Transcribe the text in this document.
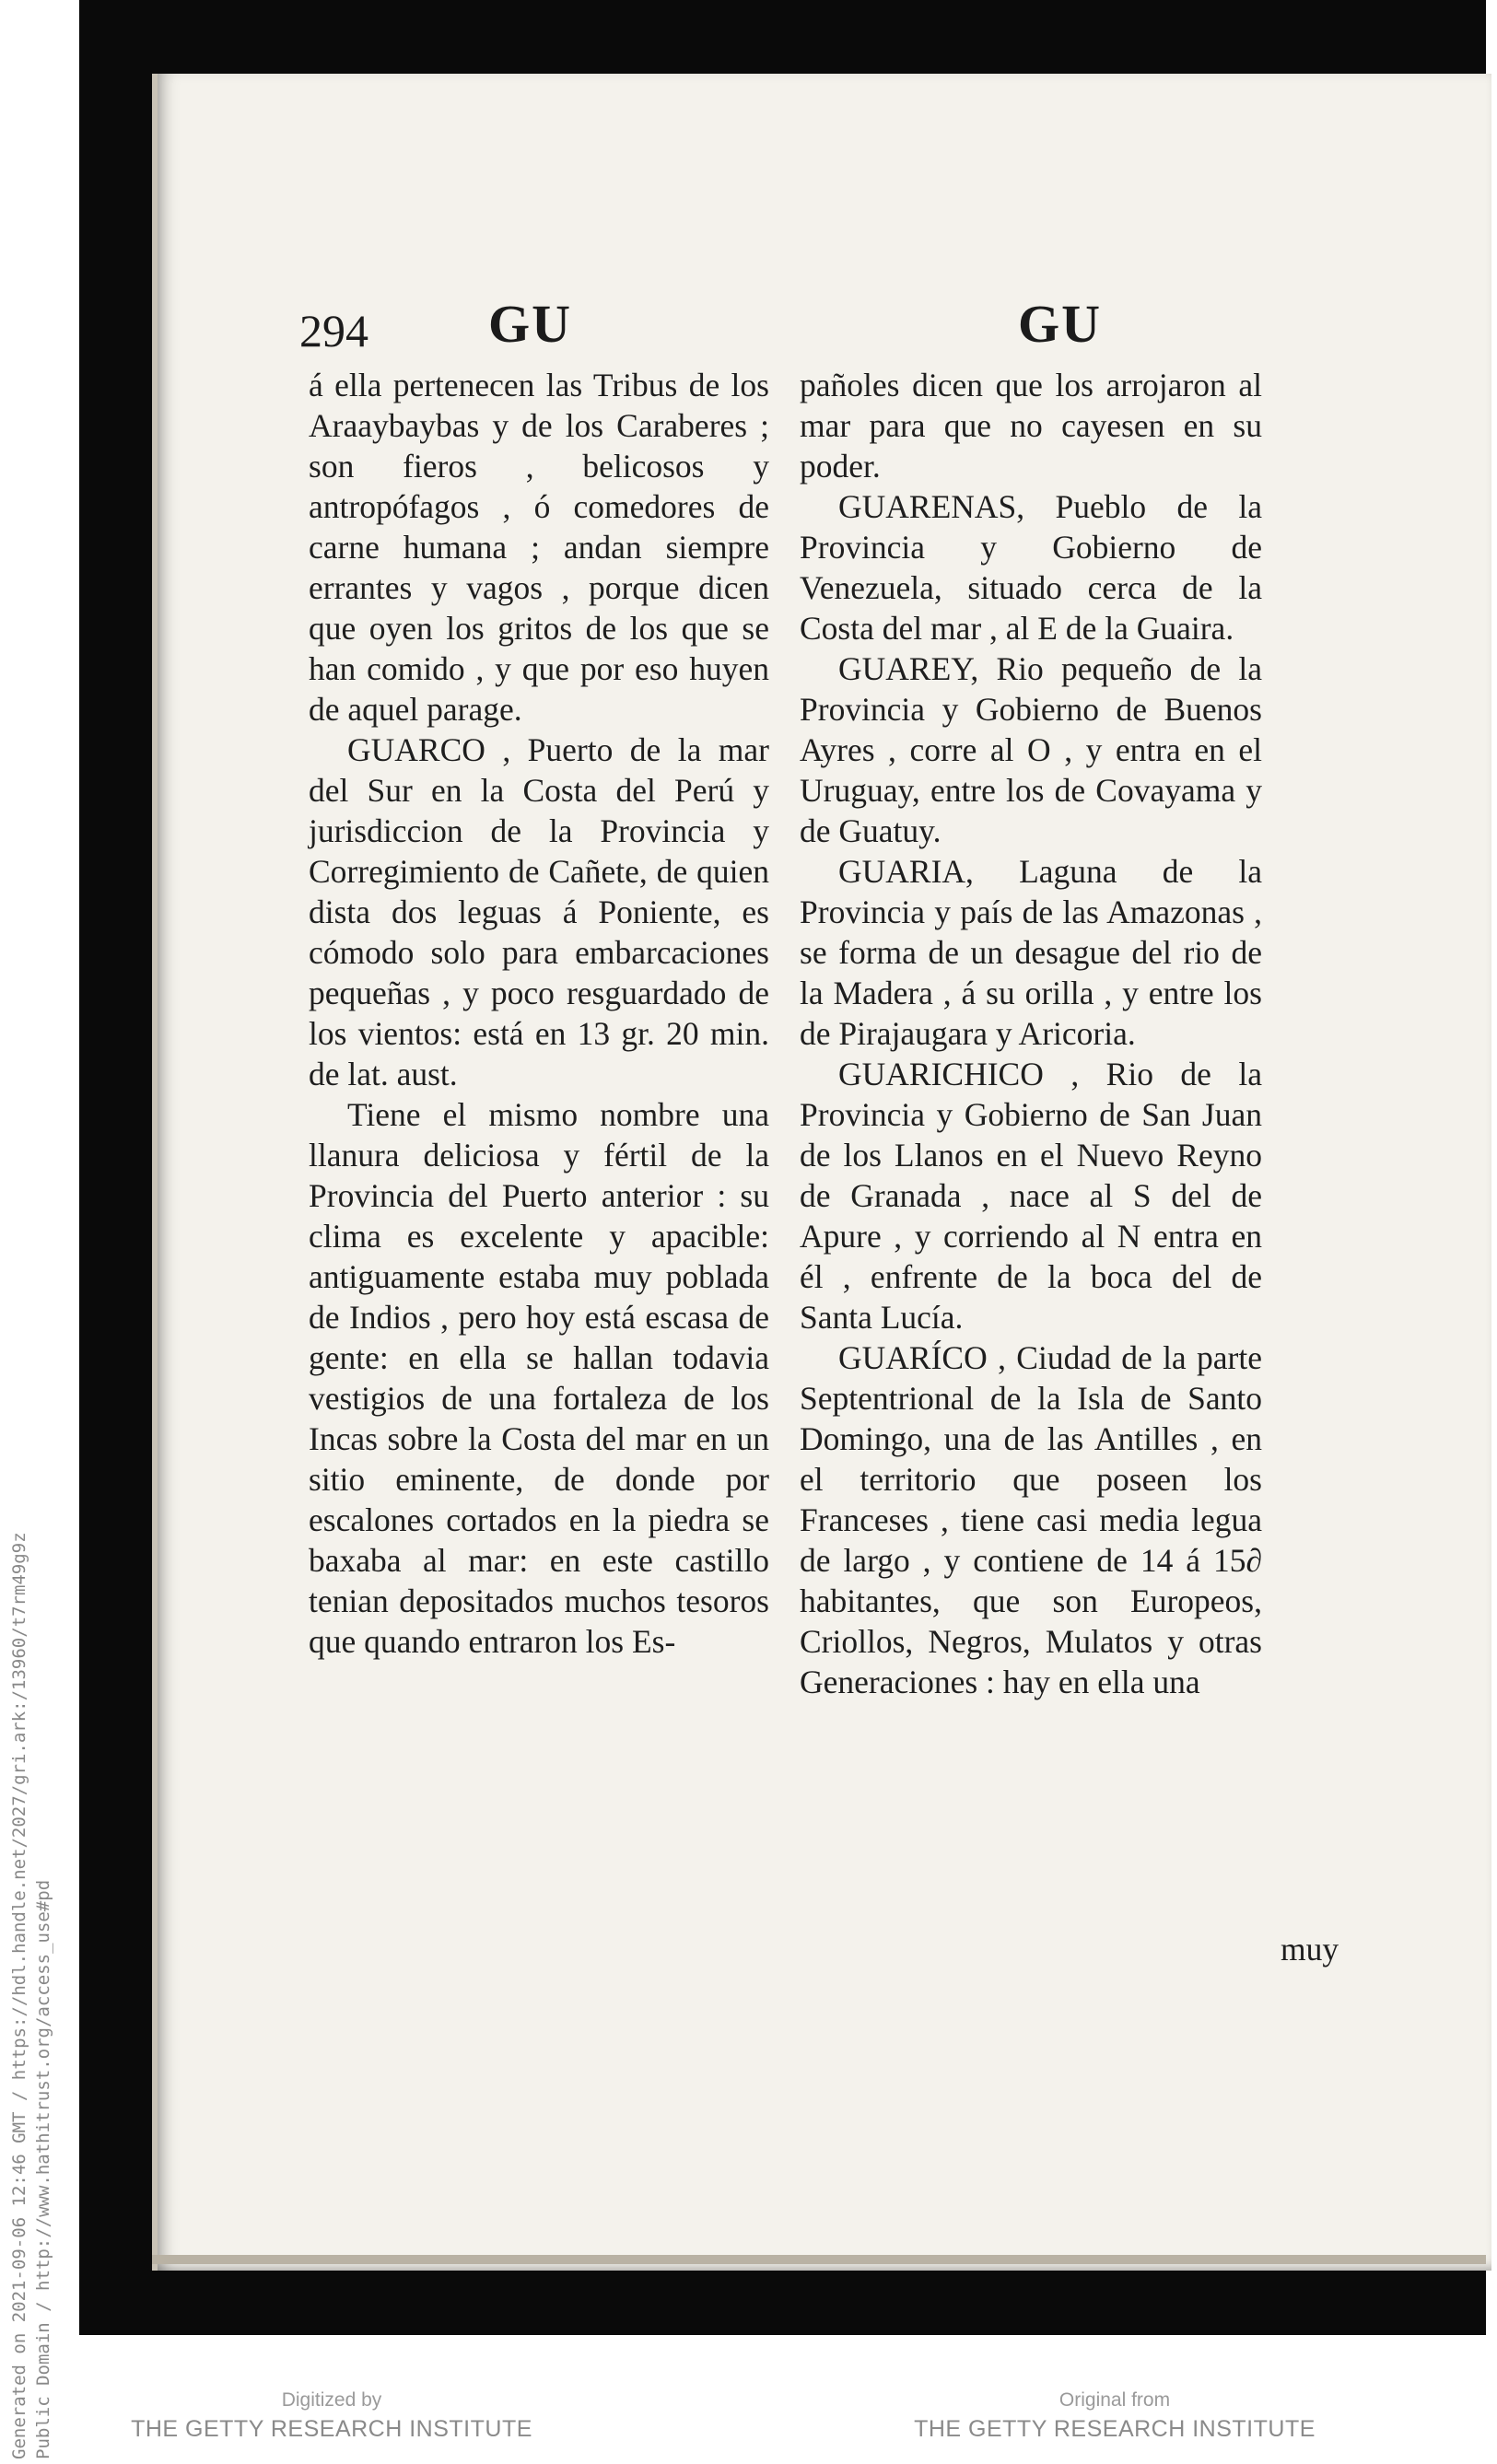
Generated on 2021-09-06 12:46 GMT / https://hdl.handle.net/2027/gri.ark:/13960/t7rm49g9z Public Domain / http://www.hathitrust.org/access_use#pd
294 GU	GU

á ella pertenecen las Tribus de los Araaybaybas y de los Caraberes ; son fieros , belicosos y antropófagos , ó comedores de carne humana ; andan siempre errantes y vagos , porque dicen que oyen los gritos de los que se han comido , y que por eso huyen de aquel parage.

GUARCO , Puerto de la mar del Sur en la Costa del Perú y jurisdiccion de la Provincia y Corregimiento de Cañete, de quien dista dos leguas á Poniente, es cómodo solo para embarcaciones pequeñas , y poco resguardado de los vientos: está en 13 gr. 20 min. de lat. aust.

Tiene el mismo nombre una llanura deliciosa y fértil de la Provincia del Puerto anterior : su clima es excelente y apacible: antiguamente estaba muy poblada de Indios , pero hoy está escasa de gente: en ella se hallan todavia vestigios de una fortaleza de los Incas sobre la Costa del mar en un sitio eminente, de donde por escalones cortados en la piedra se baxaba al mar: en este castillo tenian depositados muchos tesoros que quando entraron los Es-

pañoles dicen que los arrojaron al mar para que no cayesen en su poder.

GUARENAS, Pueblo de la Provincia y Gobierno de Venezuela, situado cerca de la Costa del mar , al E de la Guaira.

GUAREY, Rio pequeño de la Provincia y Gobierno de Buenos Ayres , corre al O , y entra en el Uruguay, entre los de Covayama y de Guatuy.

GUARIA, Laguna de la Provincia y país de las Amazonas , se forma de un desague del rio de la Madera , á su orilla , y entre los de Pirajaugara y Aricoria.

GUARICHICO , Rio de la Provincia y Gobierno de San Juan de los Llanos en el Nuevo Reyno de Granada , nace al S del de Apure , y corriendo al N entra en él , enfrente de la boca del de Santa Lucía.

GUARÍCO , Ciudad de la parte Septentrional de la Isla de Santo Domingo, una de las Antilles , en el territorio que poseen los Franceses , tiene casi media legua de largo , y contiene de 14 á 15∂ habitantes, que son Europeos, Criollos, Negros, Mulatos y otras Generaciones : hay en ella una

muy
Digitized by
THE GETTY RESEARCH INSTITUTE
Original from
THE GETTY RESEARCH INSTITUTE
